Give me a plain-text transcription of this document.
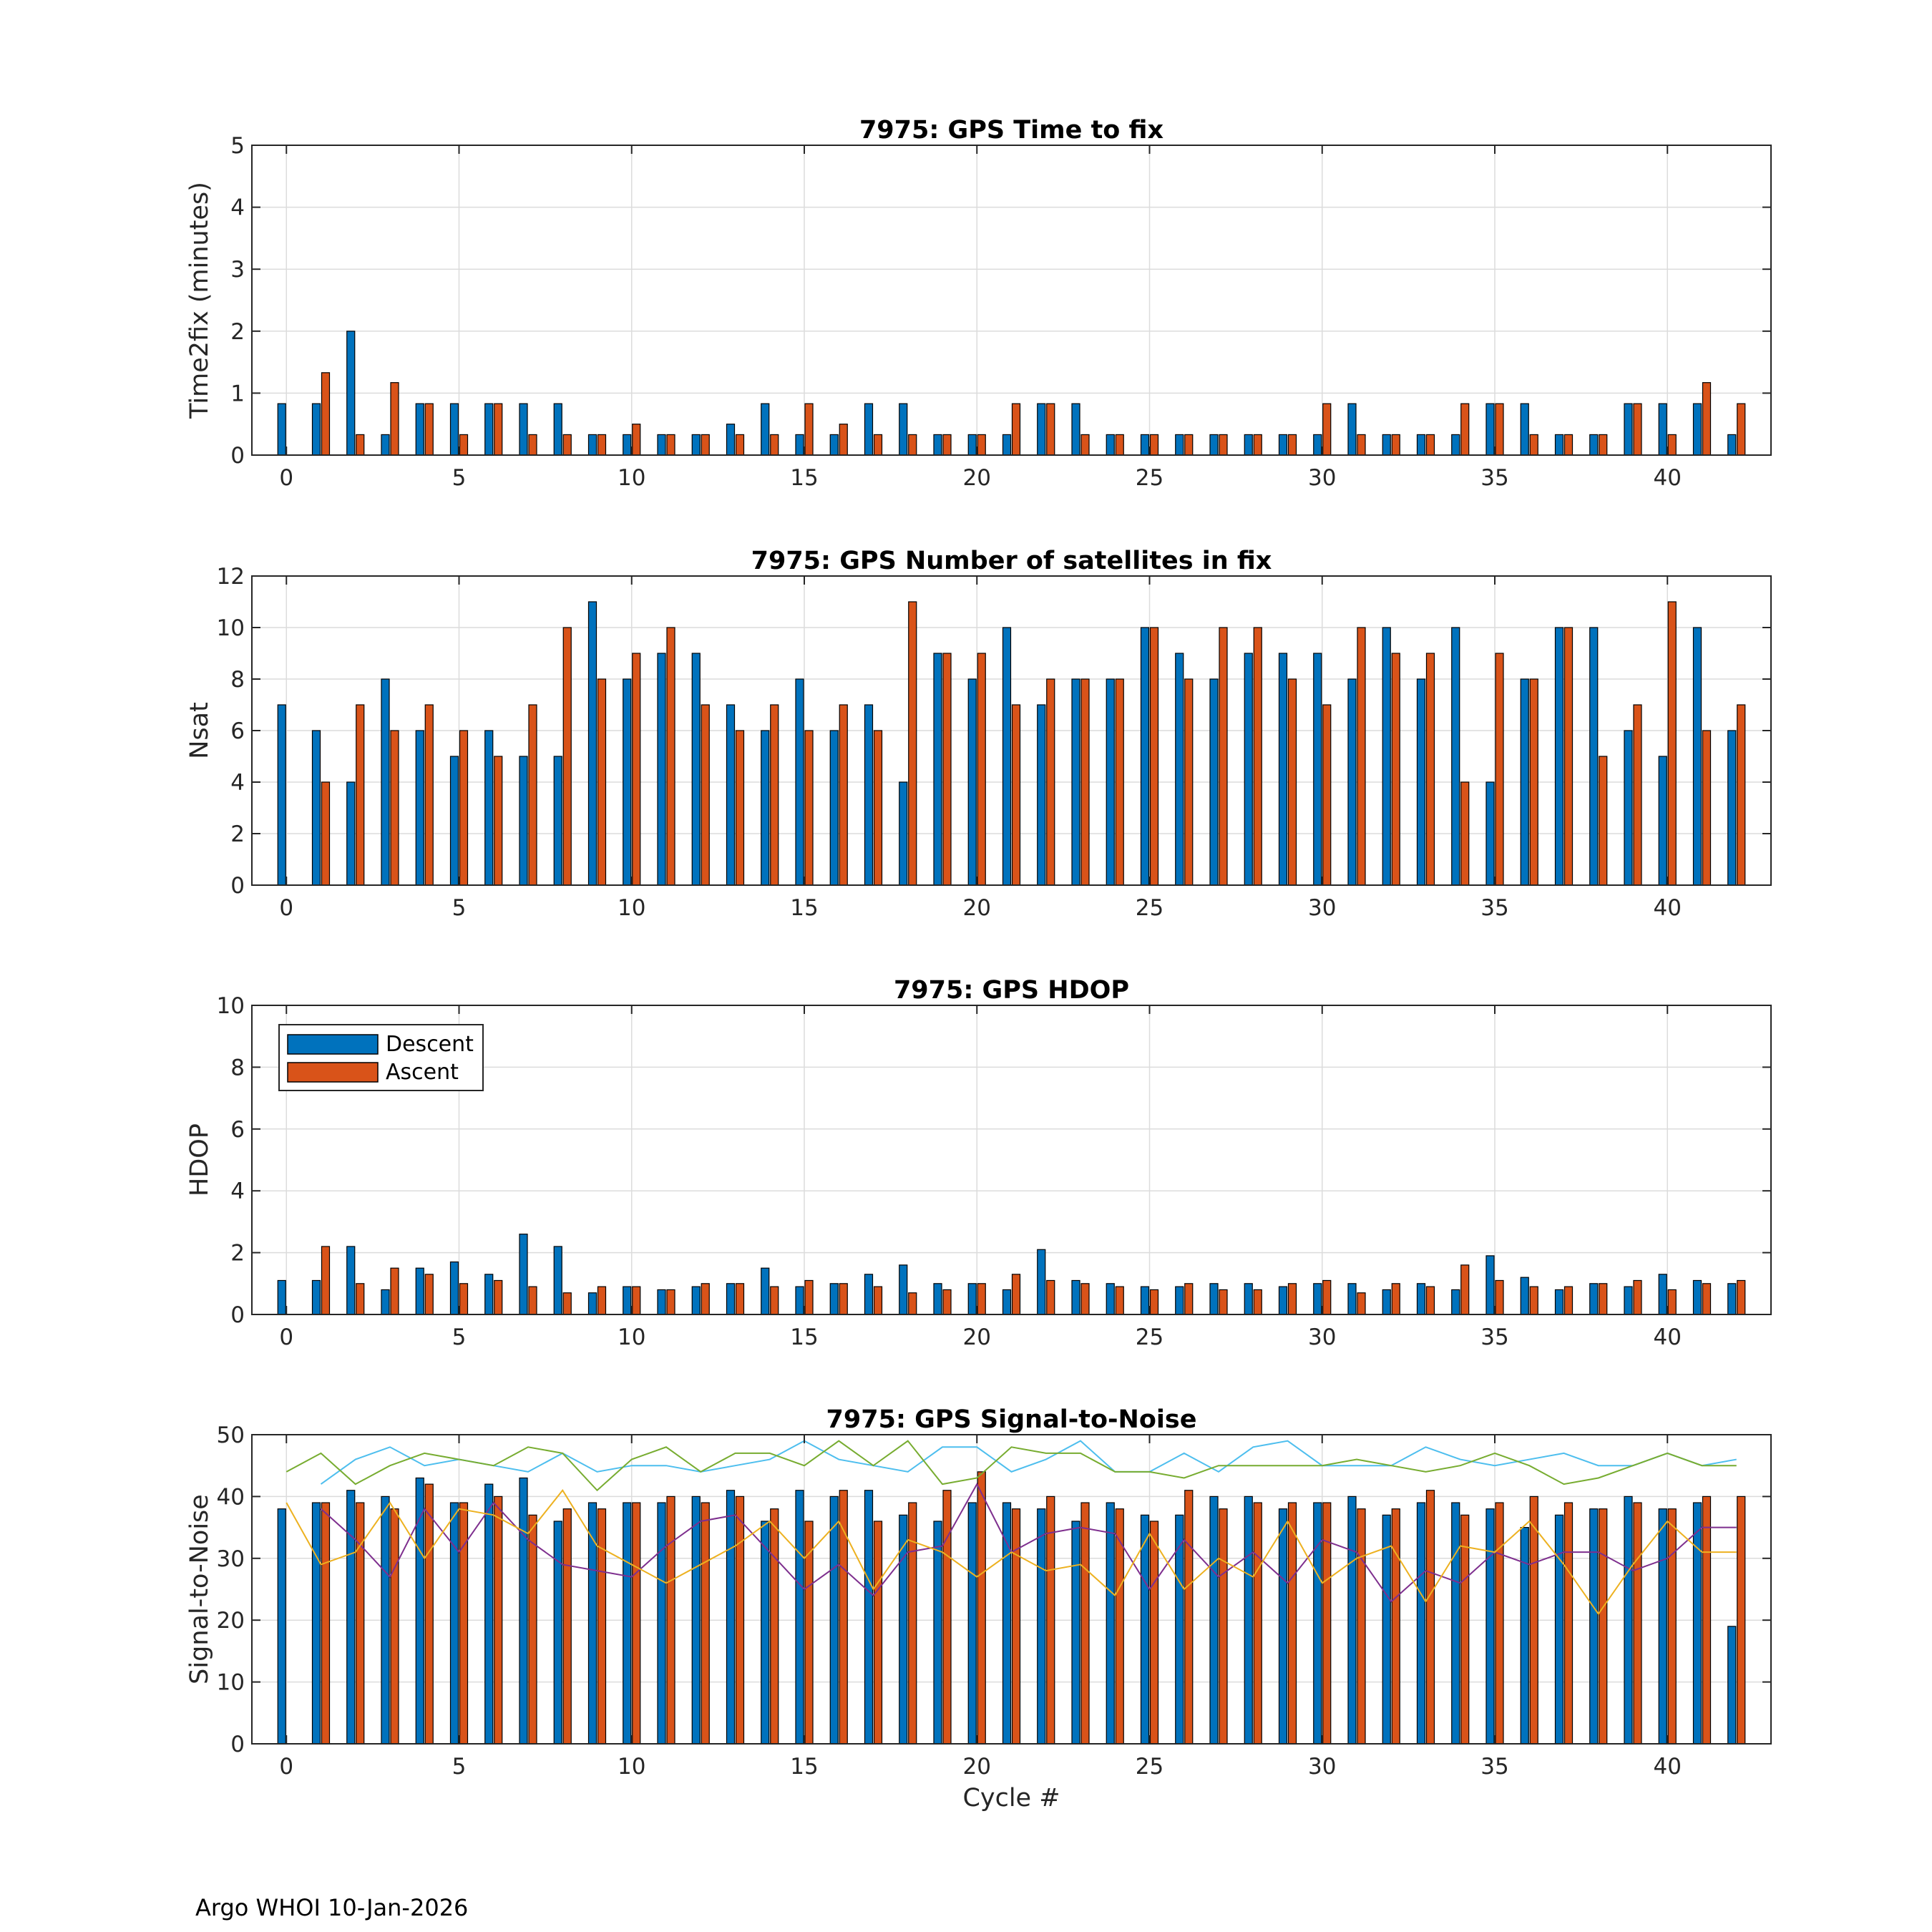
0	5	10	15	20	25	30	35	40
0
1
2
3
4
5
7975: GPS Time to fix
Time2fix (minutes)
0	5	10	15	20	25	30	35	40
0
2
4
6
8
10
12
7975: GPS Number of satellites in fix
Nsat
0	5	10	15	20	25	30	35	40
0
2
4
6
8
10
7975: GPS HDOP
HDOP
Descent
Ascent
0	5	10	15	20	25	30	35	40
0
10
20
30
40
50
7975: GPS Signal-to-Noise
Signal-to-Noise
Cycle #
Argo WHOI 10-Jan-2026
